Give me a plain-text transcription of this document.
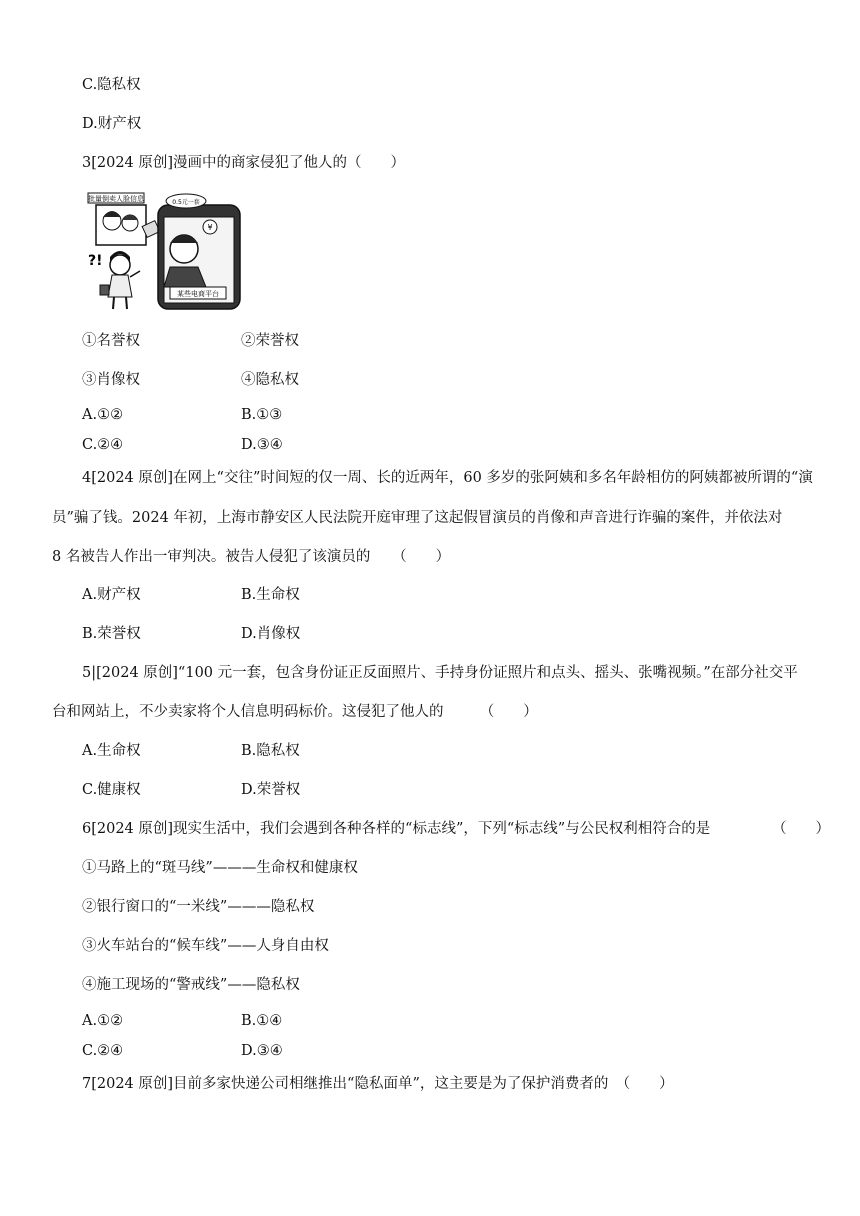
C.隐私权
D.财产权
3[2024 原创]漫画中的商家侵犯了他人的（　　）
批量倒卖人脸信息
?!
0.5元一套
¥
某些电商平台
①名誉权	②荣誉权
③肖像权	④隐私权
A.①②	B.①③
C.②④	D.③④
4[2024 原创]在网上“交往”时间短的仅一周、长的近两年，60 多岁的张阿姨和多名年龄相仿的阿姨都被所谓的“演
员”骗了钱。2024 年初，上海市静安区人民法院开庭审理了这起假冒演员的肖像和声音进行诈骗的案件，并依法对
8 名被告人作出一审判决。被告人侵犯了该演员的　　（　　）
A.财产权	B.生命权
B.荣誉权	D.肖像权
5|[2024 原创]“100 元一套，包含身份证正反面照片、手持身份证照片和点头、摇头、张嘴视频。”在部分社交平
台和网站上，不少卖家将个人信息明码标价。这侵犯了他人的　　　（　　）
A.生命权	B.隐私权
C.健康权	D.荣誉权
6[2024 原创]现实生活中，我们会遇到各种各样的“标志线”，下列“标志线”与公民权利相符合的是	（　　）
①马路上的“斑马线”———生命权和健康权
②银行窗口的“一米线”———隐私权
③火车站台的“候车线”——人身自由权
④施工现场的“警戒线”——隐私权
A.①②	B.①④
C.②④	D.③④
7[2024 原创]目前多家快递公司相继推出“隐私面单”，这主要是为了保护消费者的　（　　）
